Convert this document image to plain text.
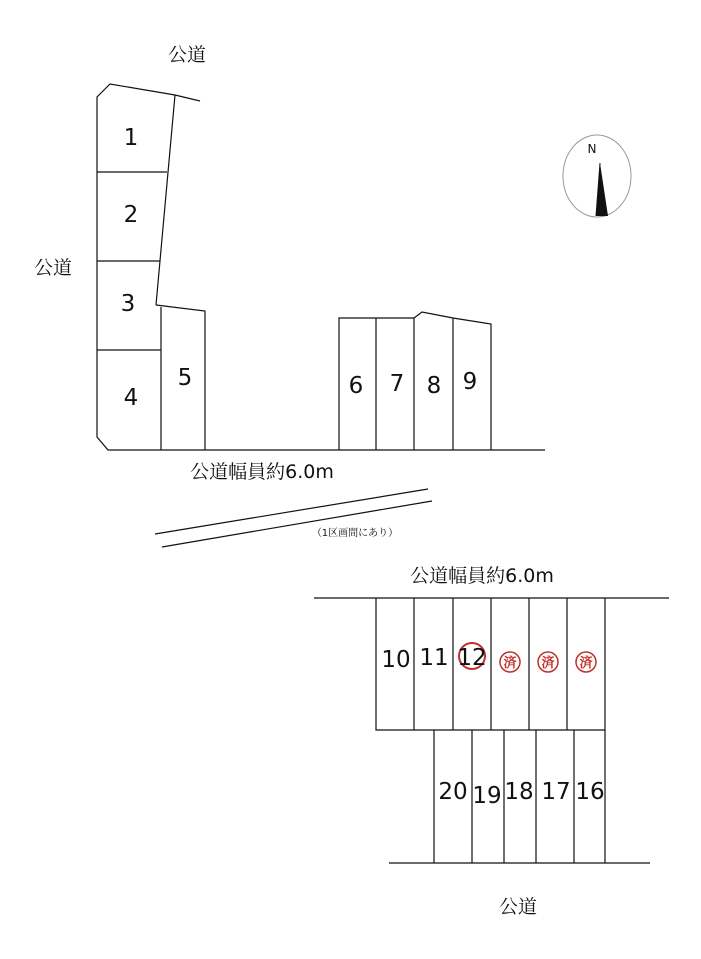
公道
公道
公道幅員約6.0m
公道幅員約6.0m
公道
N
1
2
3
4
5	6 7 8 9
（1区画間にあり）
10 11 12 済 済 済
20 19 18 17 16
